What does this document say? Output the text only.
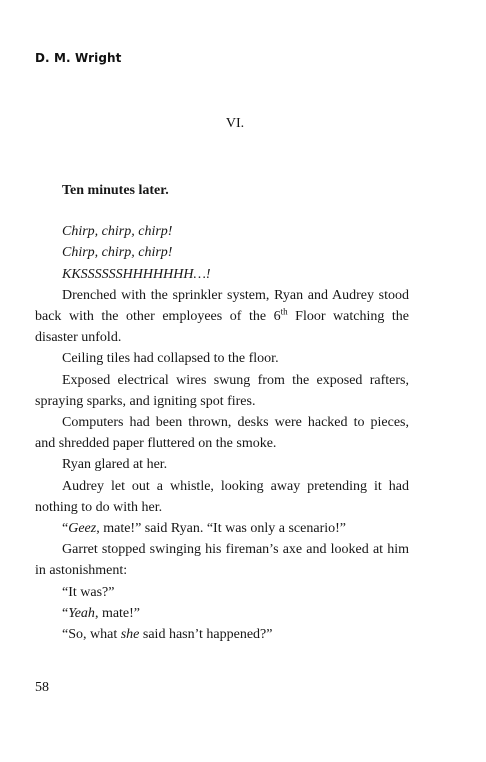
D. M. Wright
VI.

Ten minutes later.

Chirp, chirp, chirp!

Chirp, chirp, chirp!

KKSSSSSSHHHHHHH…!

Drenched with the sprinkler system, Ryan and Audrey stood back with the other employees of the 6th Floor watching the disaster unfold.

Ceiling tiles had collapsed to the floor.

Exposed electrical wires swung from the exposed rafters, spraying sparks, and igniting spot fires.

Computers had been thrown, desks were hacked to pieces, and shredded paper fluttered on the smoke.

Ryan glared at her.

Audrey let out a whistle, looking away pretending it had nothing to do with her.

“Geez, mate!” said Ryan. “It was only a scenario!”

Garret stopped swinging his fireman’s axe and looked at him in astonishment:

“It was?”

“Yeah, mate!”

“So, what she said hasn’t happened?”

58
